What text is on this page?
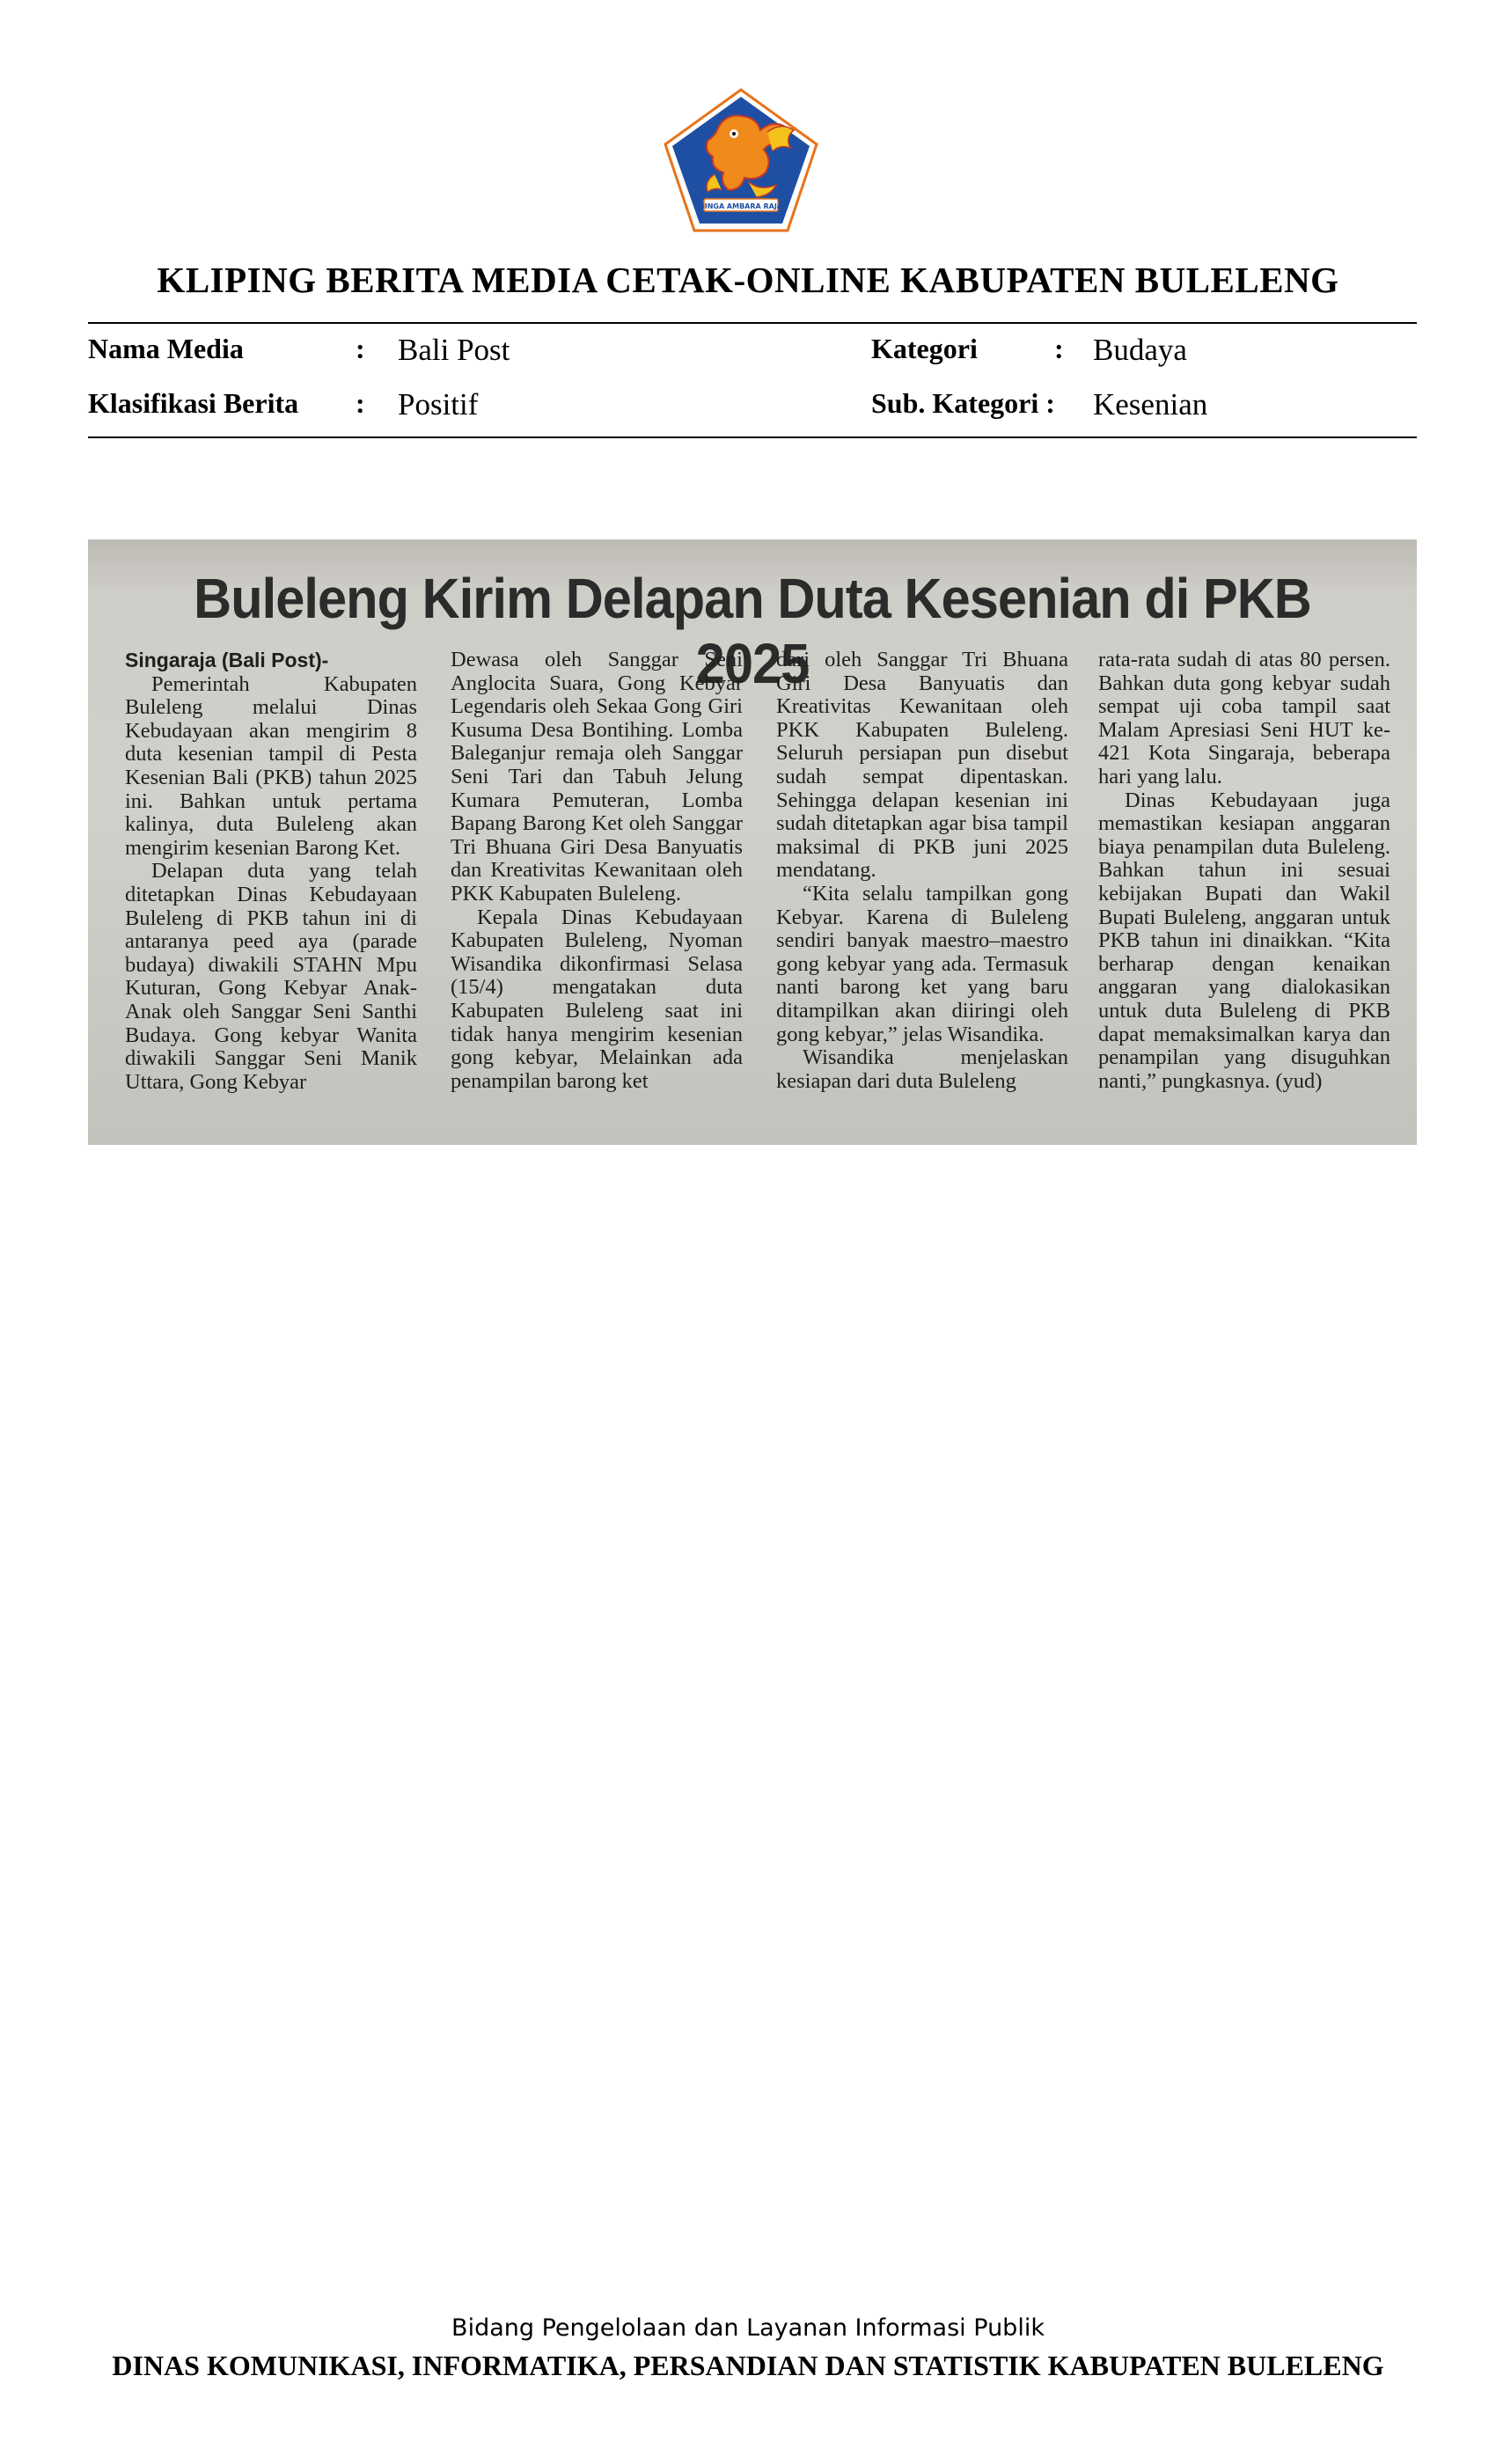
SINGA AMBARA RAJA
KLIPING BERITA MEDIA CETAK-ONLINE KABUPATEN BULELENG
Nama Media	: Bali Post
Klasifikasi Berita : Positif
Kategori	: Budaya
Sub. Kategori : Kesenian
Buleleng Kirim Delapan Duta Kesenian di PKB 2025

Singaraja (Bali Post)-

Pemerintah Kabupaten Buleleng melalui Dinas Kebudayaan akan mengirim 8 duta kesenian tampil di Pesta Kesenian Bali (PKB) tahun 2025 ini. Bahkan untuk pertama kalinya, duta Buleleng akan mengirim kesenian Barong Ket.

Delapan duta yang telah ditetapkan Dinas Kebudayaan Buleleng di PKB tahun ini di antaranya peed aya (parade budaya) diwakili STAHN Mpu Kuturan, Gong Kebyar Anak-Anak oleh Sanggar Seni Santhi Budaya. Gong kebyar Wanita diwakili Sanggar Seni Manik Uttara, Gong Kebyar

Dewasa oleh Sanggar Seni Anglocita Suara, Gong Kebyar Legendaris oleh Sekaa Gong Giri Kusuma Desa Bontihing. Lomba Baleganjur remaja oleh Sanggar Seni Tari dan Tabuh Jelung Kumara Pemuteran, Lomba Bapang Barong Ket oleh Sanggar Tri Bhuana Giri Desa Banyuatis dan Kreativitas Kewanitaan oleh PKK Kabupaten Buleleng.

Kepala Dinas Kebudayaan Kabupaten Buleleng, Nyoman Wisandika dikonfirmasi Selasa (15/4) mengatakan duta Kabupaten Buleleng saat ini tidak hanya mengirim kesenian gong kebyar, Melainkan ada penampilan barong ket

dari oleh Sanggar Tri Bhuana Giri Desa Banyuatis dan Kreativitas Kewanitaan oleh PKK Kabupaten Buleleng. Seluruh persiapan pun disebut sudah sempat dipentaskan. Sehingga delapan kesenian ini sudah ditetapkan agar bisa tampil maksimal di PKB juni 2025 mendatang.

“Kita selalu tampilkan gong Kebyar. Karena di Buleleng sendiri banyak maestro–maestro gong kebyar yang ada. Termasuk nanti barong ket yang baru ditampilkan akan diiringi oleh gong kebyar,” jelas Wisandika.

Wisandika menjelaskan kesiapan dari duta Buleleng

rata-rata sudah di atas 80 persen. Bahkan duta gong kebyar sudah sempat uji coba tampil saat Malam Apresiasi Seni HUT ke-421 Kota Singaraja, beberapa hari yang lalu.

Dinas Kebudayaan juga memastikan kesiapan anggaran biaya penampilan duta Buleleng. Bahkan tahun ini sesuai kebijakan Bupati dan Wakil Bupati Buleleng, anggaran untuk PKB tahun ini dinaikkan. “Kita berharap dengan kenaikan anggaran yang dialokasikan untuk duta Buleleng di PKB dapat memaksimalkan karya dan penampilan yang disuguhkan nanti,” pungkasnya. (yud)

Bidang Pengelolaan dan Layanan Informasi Publik
DINAS KOMUNIKASI, INFORMATIKA, PERSANDIAN DAN STATISTIK KABUPATEN BULELENG
